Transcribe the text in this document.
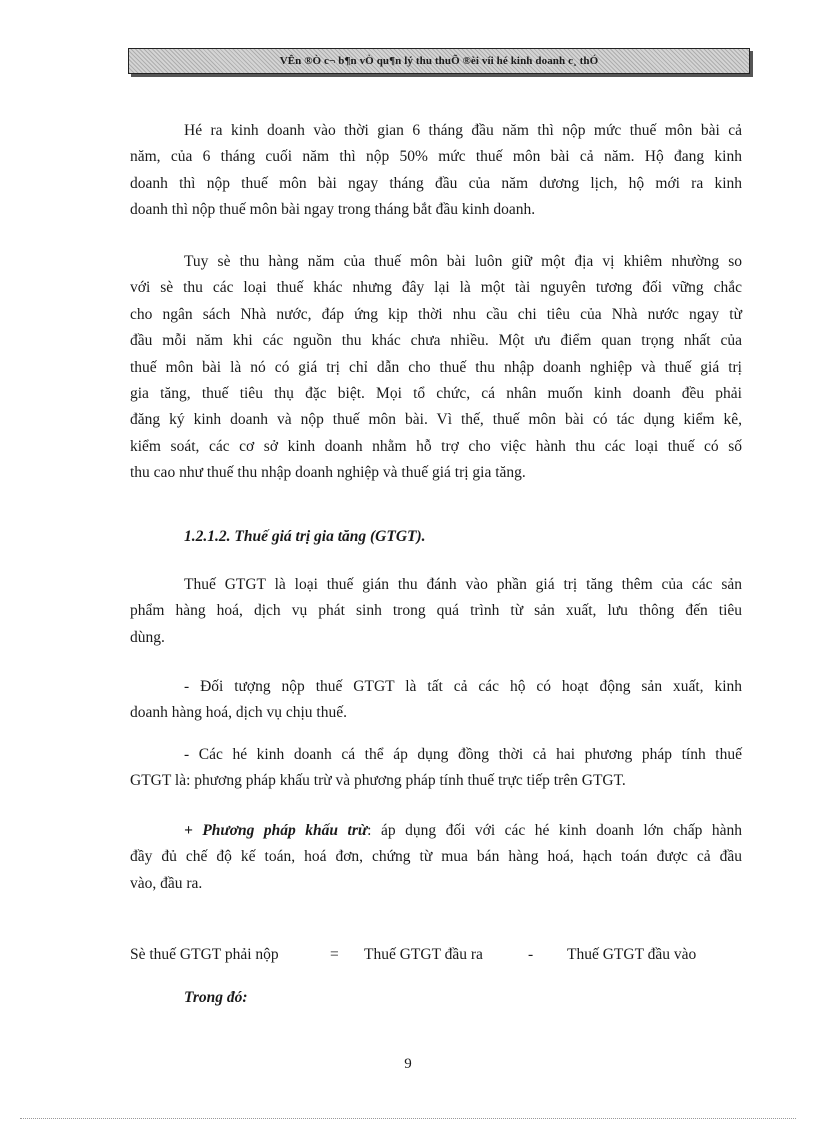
VÊn ®Ò c¬ b¶n vÒ qu¶n lý thu thuÕ ®èi víi hé kinh doanh c¸ thÓ
Hé ra kinh doanh vào thời gian 6 tháng đầu năm thì nộp mức thuế môn bài cả
năm, của 6 tháng cuối năm thì nộp 50% mức thuế môn bài cả năm. Hộ đang kinh
doanh thì nộp thuế môn bài ngay tháng đầu của năm dương lịch, hộ mới ra kinh
doanh thì nộp thuế môn bài ngay trong tháng bắt đầu kinh doanh.
Tuy sè thu hàng năm của thuế môn bài luôn giữ một địa vị khiêm nhường so
với sè thu các loại thuế khác nhưng đây lại là một tài nguyên tương đối vững chắc
cho ngân sách Nhà nước, đáp ứng kịp thời nhu cầu chi tiêu của Nhà nước ngay từ
đầu mỗi năm khi các nguồn thu khác chưa nhiều. Một ưu điểm quan trọng nhất của
thuế môn bài là nó có giá trị chỉ dẫn cho thuế thu nhập doanh nghiệp và thuế giá trị
gia tăng, thuế tiêu thụ đặc biệt. Mọi tổ chức, cá nhân muốn kinh doanh đều phải
đăng ký kinh doanh và nộp thuế môn bài. Vì thế, thuế môn bài có tác dụng kiểm kê,
kiểm soát, các cơ sở kinh doanh nhằm hỗ trợ cho việc hành thu các loại thuế có số
thu cao như thuế thu nhập doanh nghiệp và thuế giá trị gia tăng.
1.2.1.2. Thuế giá trị gia tăng (GTGT).
Thuế GTGT là loại thuế gián thu đánh vào phần giá trị tăng thêm của các sản
phẩm hàng hoá, dịch vụ phát sinh trong quá trình từ sản xuất, lưu thông đến tiêu
dùng.
- Đối tượng nộp thuế GTGT là tất cả các hộ có hoạt động sản xuất, kinh
doanh hàng hoá, dịch vụ chịu thuế.
- Các hé kinh doanh cá thể áp dụng đồng thời cả hai phương pháp tính thuế
GTGT là: phương pháp khấu trừ và phương pháp tính thuế trực tiếp trên GTGT.
+ Phương pháp khấu trừ: áp dụng đối với các hé kinh doanh lớn chấp hành
đầy đủ chế độ kế toán, hoá đơn, chứng từ mua bán hàng hoá, hạch toán được cả đầu
vào, đầu ra.
Sè thuế GTGT phải nộp	= Thuế GTGT đầu ra	- Thuế GTGT đầu vào
Trong đó:
9
